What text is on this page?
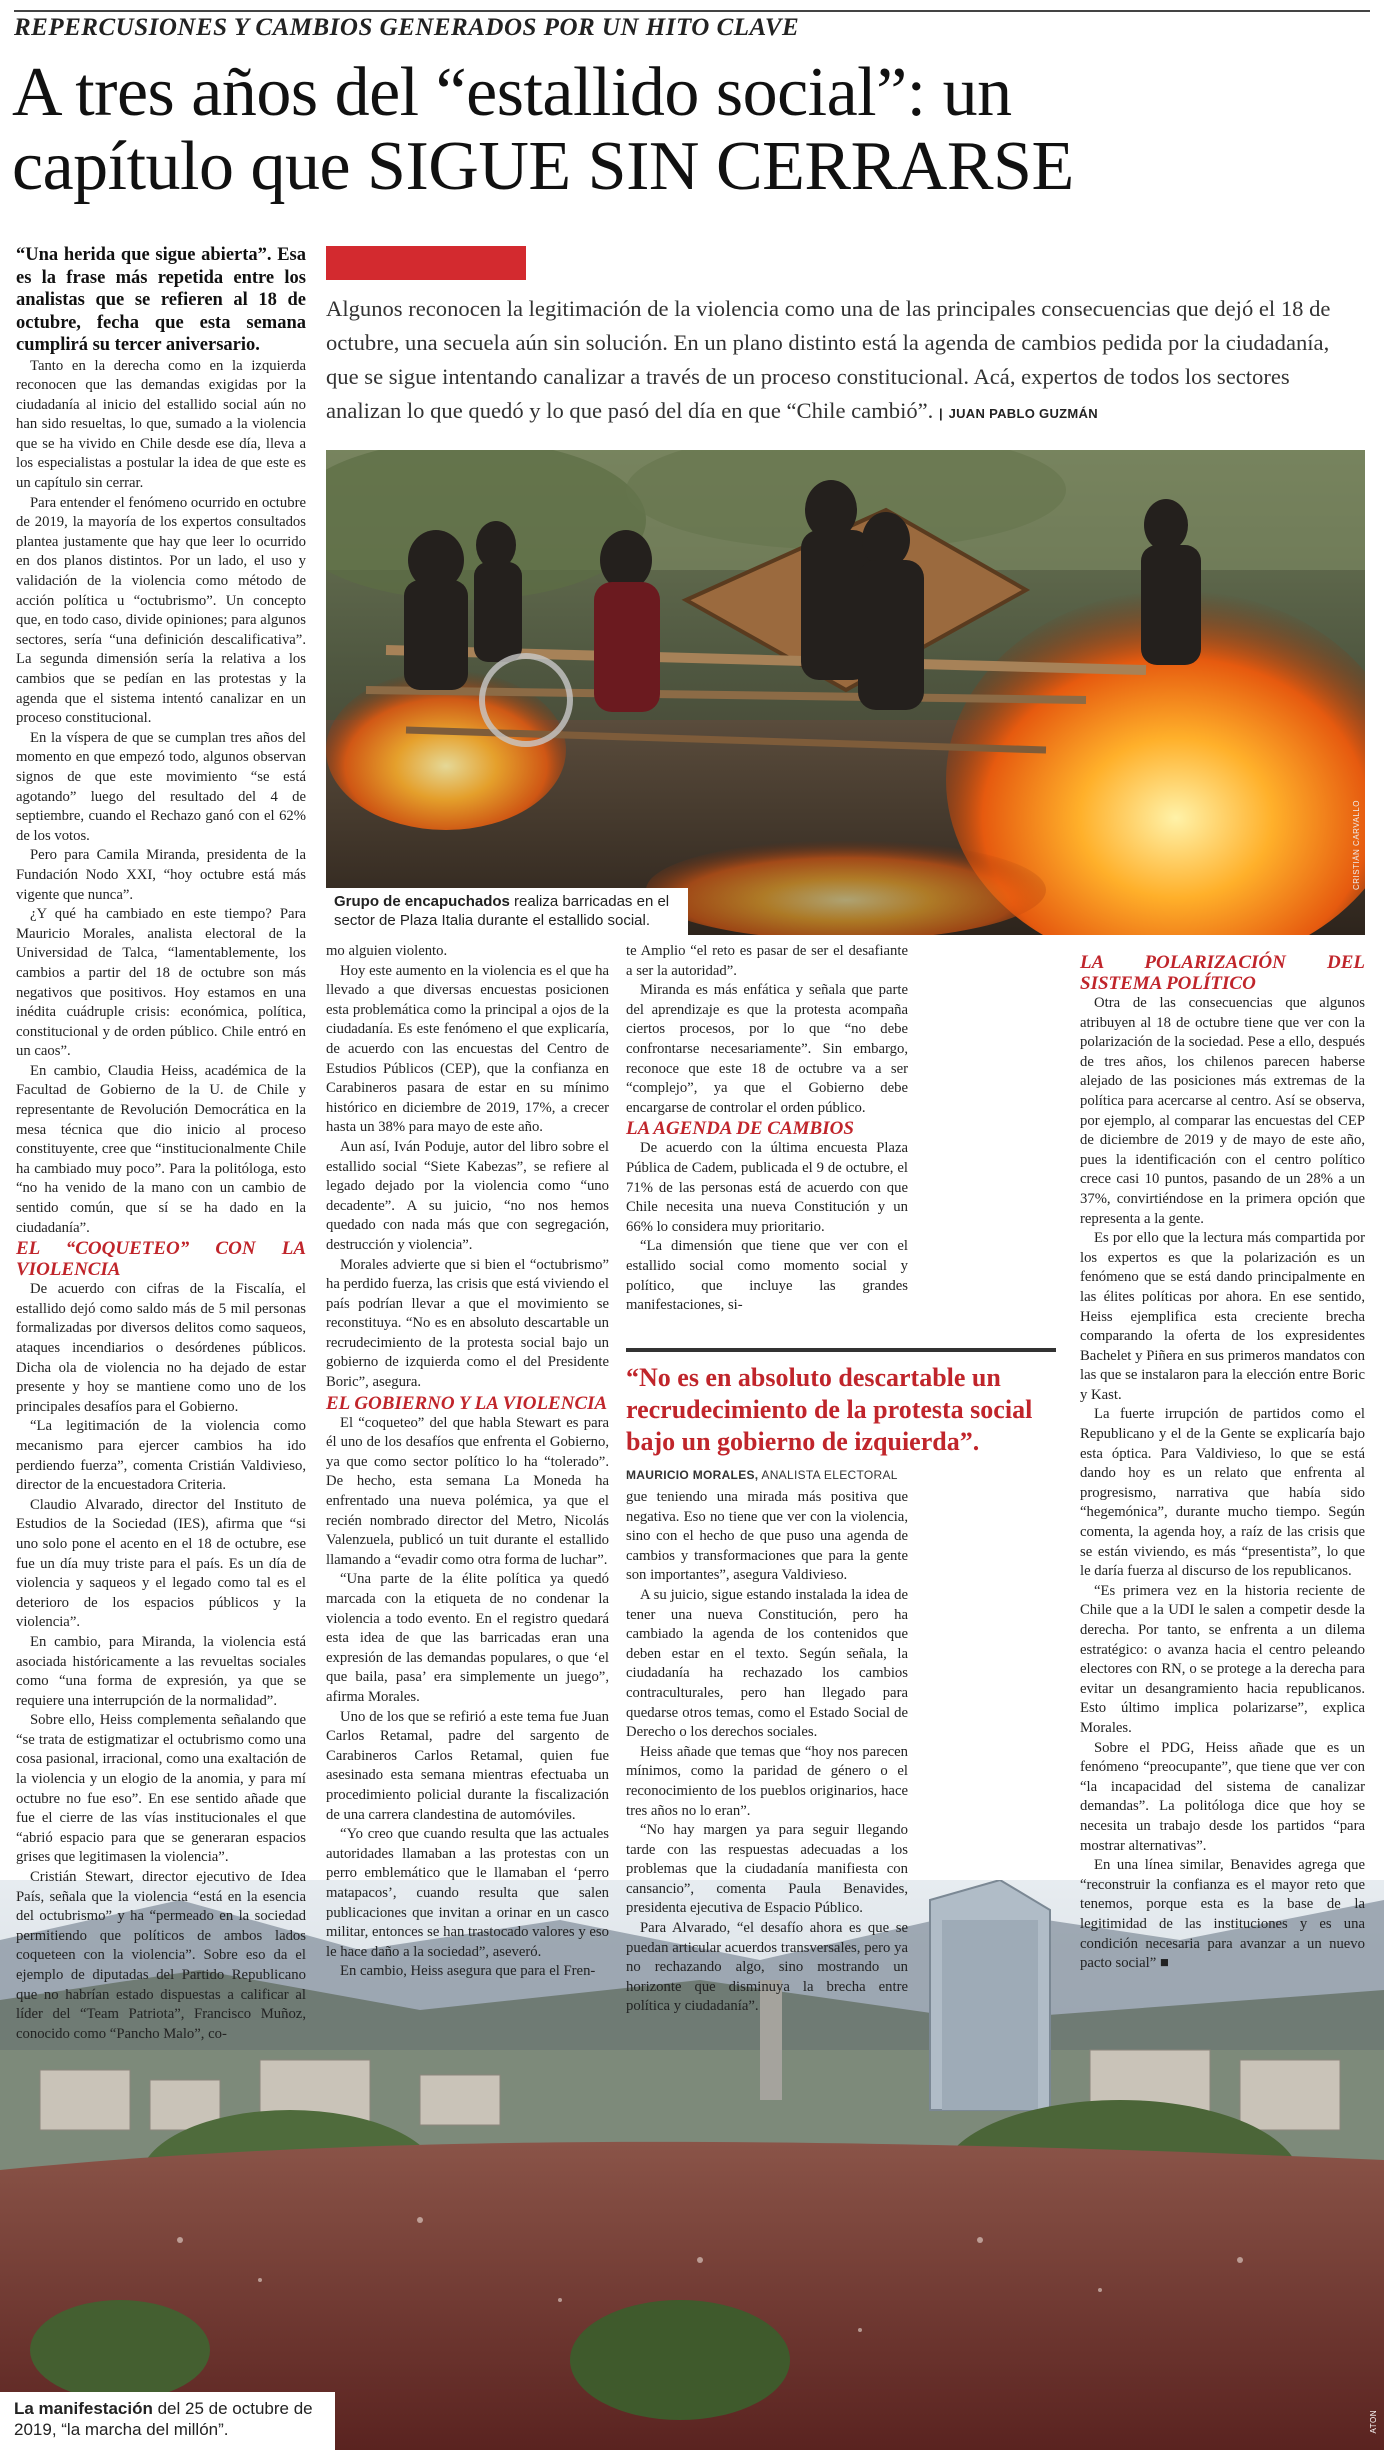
REPERCUSIONES Y CAMBIOS GENERADOS POR UN HITO CLAVE
A tres años del “estallido social”: un
capítulo que SIGUE SIN CERRARSE
Algunos reconocen la legitimación de la violencia como una de las principales consecuencias que dejó el 18 de octubre, una secuela aún sin solución. En un plano distinto está la agenda de cambios pedida por la ciudadanía, que se sigue intentando canalizar a través de un proceso constitucional. Acá, expertos de todos los sectores analizan lo que quedó y lo que pasó del día en que “Chile cambió”. | JUAN PABLO GUZMÁN
CRISTIÁN CARVALLO
Grupo de encapuchados realiza barricadas en el sector de Plaza Italia durante el estallido social.
ATON
La manifestación del 25 de octubre de 2019, “la marcha del millón”.

“Una herida que sigue abierta”. Esa es la frase más repetida entre los analistas que se refieren al 18 de octubre, fecha que esta semana cumplirá su tercer aniversario.

Tanto en la derecha como en la izquierda reconocen que las demandas exigidas por la ciudadanía al inicio del estallido social aún no han sido resueltas, lo que, sumado a la violencia que se ha vivido en Chile desde ese día, lleva a los especialistas a postular la idea de que este es un capítulo sin cerrar.

Para entender el fenómeno ocurrido en octubre de 2019, la mayoría de los expertos consultados plantea justamente que hay que leer lo ocurrido en dos planos distintos. Por un lado, el uso y validación de la violencia como método de acción política u “octubrismo”. Un concepto que, en todo caso, divide opiniones; para algunos sectores, sería “una definición descalificativa”. La segunda dimensión sería la relativa a los cambios que se pedían en las protestas y la agenda que el sistema intentó canalizar en un proceso constitucional.

En la víspera de que se cumplan tres años del momento en que empezó todo, algunos observan signos de que este movimiento “se está agotando” luego del resultado del 4 de septiembre, cuando el Rechazo ganó con el 62% de los votos.

Pero para Camila Miranda, presidenta de la Fundación Nodo XXI, “hoy octubre está más vigente que nunca”.

¿Y qué ha cambiado en este tiempo? Para Mauricio Morales, analista electoral de la Universidad de Talca, “lamentablemente, los cambios a partir del 18 de octubre son más negativos que positivos. Hoy estamos en una inédita cuádruple crisis: económica, política, constitucional y de orden público. Chile entró en un caos”.

En cambio, Claudia Heiss, académica de la Facultad de Gobierno de la U. de Chile y representante de Revolución Democrática en la mesa técnica que dio inicio al proceso constituyente, cree que “institucionalmente Chile ha cambiado muy poco”. Para la politóloga, esto “no ha venido de la mano con un cambio de sentido común, que sí se ha dado en la ciudadanía”.

EL “COQUETEO” CON LA VIOLENCIA

De acuerdo con cifras de la Fiscalía, el estallido dejó como saldo más de 5 mil personas formalizadas por diversos delitos como saqueos, ataques incendiarios o desórdenes públicos. Dicha ola de violencia no ha dejado de estar presente y hoy se mantiene como uno de los principales desafíos para el Gobierno.

“La legitimación de la violencia como mecanismo para ejercer cambios ha ido perdiendo fuerza”, comenta Cristián Valdivieso, director de la encuestadora Criteria.

Claudio Alvarado, director del Instituto de Estudios de la Sociedad (IES), afirma que “si uno solo pone el acento en el 18 de octubre, ese fue un día muy triste para el país. Es un día de violencia y saqueos y el legado como tal es el deterioro de los espacios públicos y la violencia”.

En cambio, para Miranda, la violencia está asociada históricamente a las revueltas sociales como “una forma de expresión, ya que se requiere una interrupción de la normalidad”.

Sobre ello, Heiss complementa señalando que “se trata de estigmatizar el octubrismo como una cosa pasional, irracional, como una exaltación de la violencia y un elogio de la anomia, y para mí octubre no fue eso”. En ese sentido añade que fue el cierre de las vías institucionales el que “abrió espacio para que se generaran espacios grises que legitimasen la violencia”.

Cristián Stewart, director ejecutivo de Idea País, señala que la violencia “está en la esencia del octubrismo” y ha “permeado en la sociedad permitiendo que políticos de ambos lados coqueteen con la violencia”. Sobre eso da el ejemplo de diputadas del Partido Republicano que no habrían estado dispuestas a calificar al líder del “Team Patriota”, Francisco Muñoz, conocido como “Pancho Malo”, co-

mo alguien violento.

Hoy este aumento en la violencia es el que ha llevado a que diversas encuestas posicionen esta problemática como la principal a ojos de la ciudadanía. Es este fenómeno el que explicaría, de acuerdo con las encuestas del Centro de Estudios Públicos (CEP), que la confianza en Carabineros pasara de estar en su mínimo histórico en diciembre de 2019, 17%, a crecer hasta un 38% para mayo de este año.

Aun así, Iván Poduje, autor del libro sobre el estallido social “Siete Kabezas”, se refiere al legado dejado por la violencia como “uno decadente”. A su juicio, “no nos hemos quedado con nada más que con segregación, destrucción y violencia”.

Morales advierte que si bien el “octubrismo” ha perdido fuerza, las crisis que está viviendo el país podrían llevar a que el movimiento se reconstituya. “No es en absoluto descartable un recrudecimiento de la protesta social bajo un gobierno de izquierda como el del Presidente Boric”, asegura.

EL GOBIERNO Y LA VIOLENCIA

El “coqueteo” del que habla Stewart es para él uno de los desafíos que enfrenta el Gobierno, ya que como sector político lo ha “tolerado”. De hecho, esta semana La Moneda ha enfrentado una nueva polémica, ya que el recién nombrado director del Metro, Nicolás Valenzuela, publicó un tuit durante el estallido llamando a “evadir como otra forma de luchar”.

“Una parte de la élite política ya quedó marcada con la etiqueta de no condenar la violencia a todo evento. En el registro quedará esta idea de que las barricadas eran una expresión de las demandas populares, o que ‘el que baila, pasa’ era simplemente un juego”, afirma Morales.

Uno de los que se refirió a este tema fue Juan Carlos Retamal, padre del sargento de Carabineros Carlos Retamal, quien fue asesinado esta semana mientras efectuaba un procedimiento policial durante la fiscalización de una carrera clandestina de automóviles.

“Yo creo que cuando resulta que las actuales autoridades llamaban a las protestas con un perro emblemático que le llamaban el ‘perro matapacos’, cuando resulta que salen publicaciones que invitan a orinar en un casco militar, entonces se han trastocado valores y eso le hace daño a la sociedad”, aseveró.

En cambio, Heiss asegura que para el Fren-

te Amplio “el reto es pasar de ser el desafiante a ser la autoridad”.

Miranda es más enfática y señala que parte del aprendizaje es que la protesta acompaña ciertos procesos, por lo que “no debe confrontarse necesariamente”. Sin embargo, reconoce que este 18 de octubre va a ser “complejo”, ya que el Gobierno debe encargarse de controlar el orden público.

LA AGENDA DE CAMBIOS

De acuerdo con la última encuesta Plaza Pública de Cadem, publicada el 9 de octubre, el 71% de las personas está de acuerdo con que Chile necesita una nueva Constitución y un 66% lo considera muy prioritario.

“La dimensión que tiene que ver con el estallido social como momento social y político, que incluye las grandes manifestaciones, si-

“No es en absoluto descartable un recrudecimiento de la protesta social bajo un gobierno de izquierda”.
MAURICIO MORALES, ANALISTA ELECTORAL

gue teniendo una mirada más positiva que negativa. Eso no tiene que ver con la violencia, sino con el hecho de que puso una agenda de cambios y transformaciones que para la gente son importantes”, asegura Valdivieso.

A su juicio, sigue estando instalada la idea de tener una nueva Constitución, pero ha cambiado la agenda de los contenidos que deben estar en el texto. Según señala, la ciudadanía ha rechazado los cambios contraculturales, pero han llegado para quedarse otros temas, como el Estado Social de Derecho o los derechos sociales.

Heiss añade que temas que “hoy nos parecen mínimos, como la paridad de género o el reconocimiento de los pueblos originarios, hace tres años no lo eran”.

“No hay margen ya para seguir llegando tarde con las respuestas adecuadas a los problemas que la ciudadanía manifiesta con cansancio”, comenta Paula Benavides, presidenta ejecutiva de Espacio Público.

Para Alvarado, “el desafío ahora es que se puedan articular acuerdos transversales, pero ya no rechazando algo, sino mostrando un horizonte que disminuya la brecha entre política y ciudadanía”.

LA POLARIZACIÓN DEL SISTEMA POLÍTICO

Otra de las consecuencias que algunos atribuyen al 18 de octubre tiene que ver con la polarización de la sociedad. Pese a ello, después de tres años, los chilenos parecen haberse alejado de las posiciones más extremas de la política para acercarse al centro. Así se observa, por ejemplo, al comparar las encuestas del CEP de diciembre de 2019 y de mayo de este año, pues la identificación con el centro político crece casi 10 puntos, pasando de un 28% a un 37%, convirtiéndose en la primera opción que representa a la gente.

Es por ello que la lectura más compartida por los expertos es que la polarización es un fenómeno que se está dando principalmente en las élites políticas por ahora. En ese sentido, Heiss ejemplifica esta creciente brecha comparando la oferta de los expresidentes Bachelet y Piñera en sus primeros mandatos con las que se instalaron para la elección entre Boric y Kast.

La fuerte irrupción de partidos como el Republicano y el de la Gente se explicaría bajo esta óptica. Para Valdivieso, lo que se está dando hoy es un relato que enfrenta al progresismo, narrativa que había sido “hegemónica”, durante mucho tiempo. Según comenta, la agenda hoy, a raíz de las crisis que se están viviendo, es más “presentista”, lo que le daría fuerza al discurso de los republicanos.

“Es primera vez en la historia reciente de Chile que a la UDI le salen a competir desde la derecha. Por tanto, se enfrenta a un dilema estratégico: o avanza hacia el centro peleando electores con RN, o se protege a la derecha para evitar un desangramiento hacia republicanos. Esto último implica polarizarse”, explica Morales.

Sobre el PDG, Heiss añade que es un fenómeno “preocupante”, que tiene que ver con “la incapacidad del sistema de canalizar demandas”. La politóloga dice que hoy se necesita un trabajo desde los partidos “para mostrar alternativas”.

En una línea similar, Benavides agrega que “reconstruir la confianza es el mayor reto que tenemos, porque esta es la base de la legitimidad de las instituciones y es una condición necesaria para avanzar a un nuevo pacto social” ■
